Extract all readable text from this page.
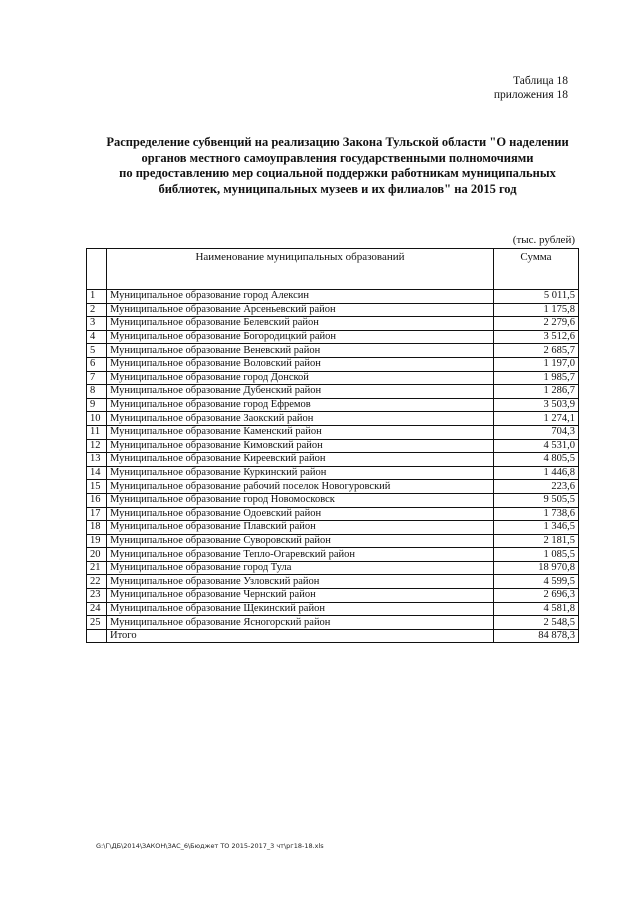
Таблица 18
приложения 18
Распределение субвенций на реализацию Закона Тульской области "О наделении
органов местного самоуправления государственными полномочиями
по предоставлению мер социальной поддержки работникам муниципальных
библиотек, муниципальных музеев и их филиалов" на 2015 год
(тыс. рублей)
	Наименование муниципальных образований	Сумма
1	Муниципальное образование город Алексин	5 011,5
2	Муниципальное образование Арсеньевский район	1 175,8
3	Муниципальное образование Белевский район	2 279,6
4	Муниципальное образование Богородицкий район	3 512,6
5	Муниципальное образование Веневский район	2 685,7
6	Муниципальное образование Воловский район	1 197,0
7	Муниципальное образование город Донской	1 985,7
8	Муниципальное образование Дубенский район	1 286,7
9	Муниципальное образование город Ефремов	3 503,9
10	Муниципальное образование Заокский район	1 274,1
11	Муниципальное образование Каменский район	704,3
12	Муниципальное образование Кимовский район	4 531,0
13	Муниципальное образование Киреевский район	4 805,5
14	Муниципальное образование Куркинский район	1 446,8
15	Муниципальное образование рабочий поселок Новогуровский	223,6
16	Муниципальное образование город Новомосковск	9 505,5
17	Муниципальное образование Одоевский район	1 738,6
18	Муниципальное образование Плавский район	1 346,5
19	Муниципальное образование Суворовский район	2 181,5
20	Муниципальное образование Тепло-Огаревский район	1 085,5
21	Муниципальное образование город Тула	18 970,8
22	Муниципальное образование Узловский район	4 599,5
23	Муниципальное образование Чернский район	2 696,3
24	Муниципальное образование Щекинский район	4 581,8
25	Муниципальное образование Ясногорский район	2 548,5
	Итого	84 878,3
G:\Г\ДБ\2014\ЗАКОН\ЗАС_6\Бюджет ТО 2015-2017_3 чт\рг18-18.xls
